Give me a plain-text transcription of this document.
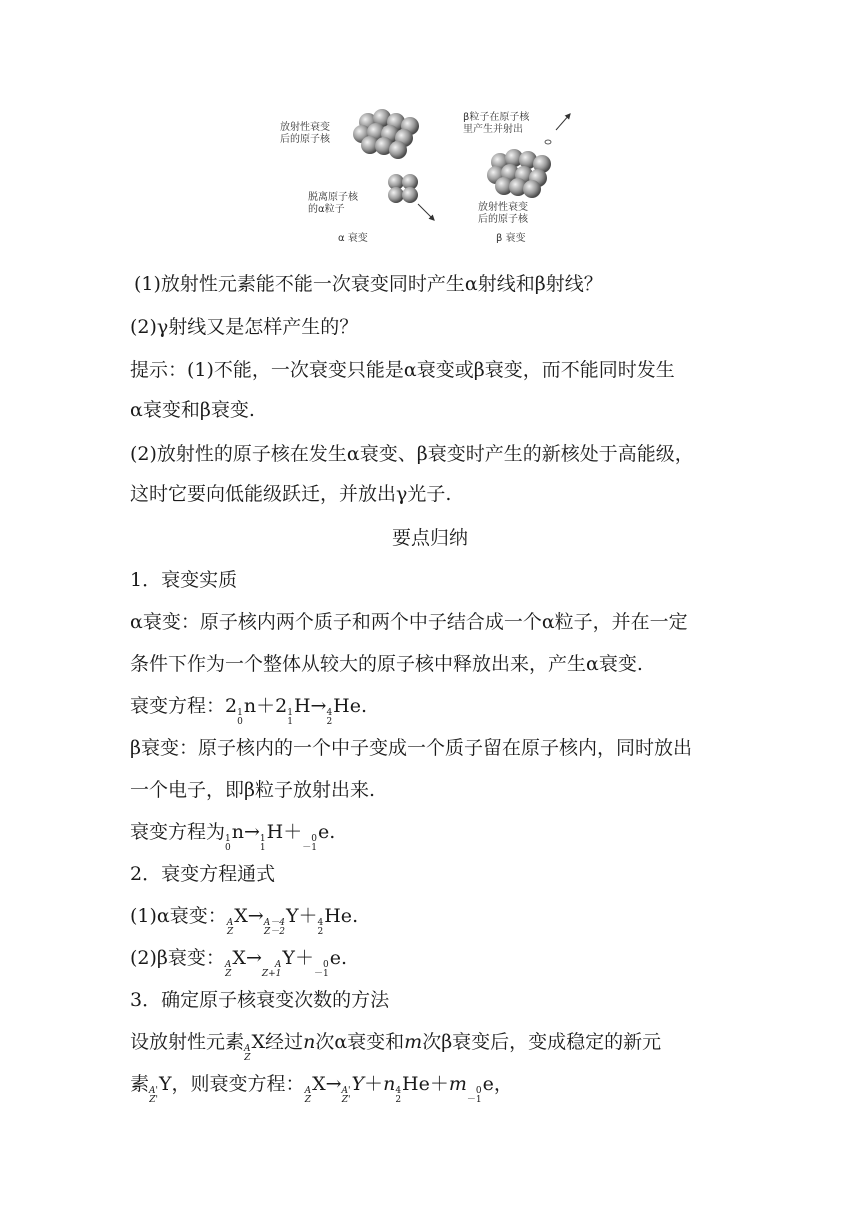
放射性衰变
后的原子核
脱离原子核
的α粒子
α 衰变
β粒子在原子核
里产生并射出
放射性衰变
后的原子核
β 衰变
(1)放射性元素能不能一次衰变同时产生α射线和β射线？
(2)γ射线又是怎样产生的？
提示：(1)不能，一次衰变只能是α衰变或β衰变，而不能同时发生
α衰变和β衰变.
(2)放射性的原子核在发生α衰变、β衰变时产生的新核处于高能级，
这时它要向低能级跃迁，并放出γ光子.
要点归纳
1．衰变实质
α衰变：原子核内两个质子和两个中子结合成一个α粒子，并在一定
条件下作为一个整体从较大的原子核中释放出来，产生α衰变.
衰变方程： 2 1
0
n ＋ 2 1
1
H → 4
2
He .
β衰变：原子核内的一个中子变成一个质子留在原子核内，同时放出
一个电子，即β粒子放射出来.
衰变方程为 1
0
n → 1
1
H ＋	0
－1
e .
2．衰变方程通式
(1)α衰变： A
Z
X → A－4
Z－2
Y ＋ 4
2
He .
(2)β衰变： A
Z
X →	A
Z+1
Y ＋	0
－1
e .
3．确定原子核衰变次数的方法
设放射性元素 A
Z
X 经过n次α衰变和m次β衰变后，变成稳定的新元
素 A'
Z'
Y ，则衰变方程： A
Z
X → A'
Z'
Y ＋ n 4
2
He ＋ m	0
－1
e ，
